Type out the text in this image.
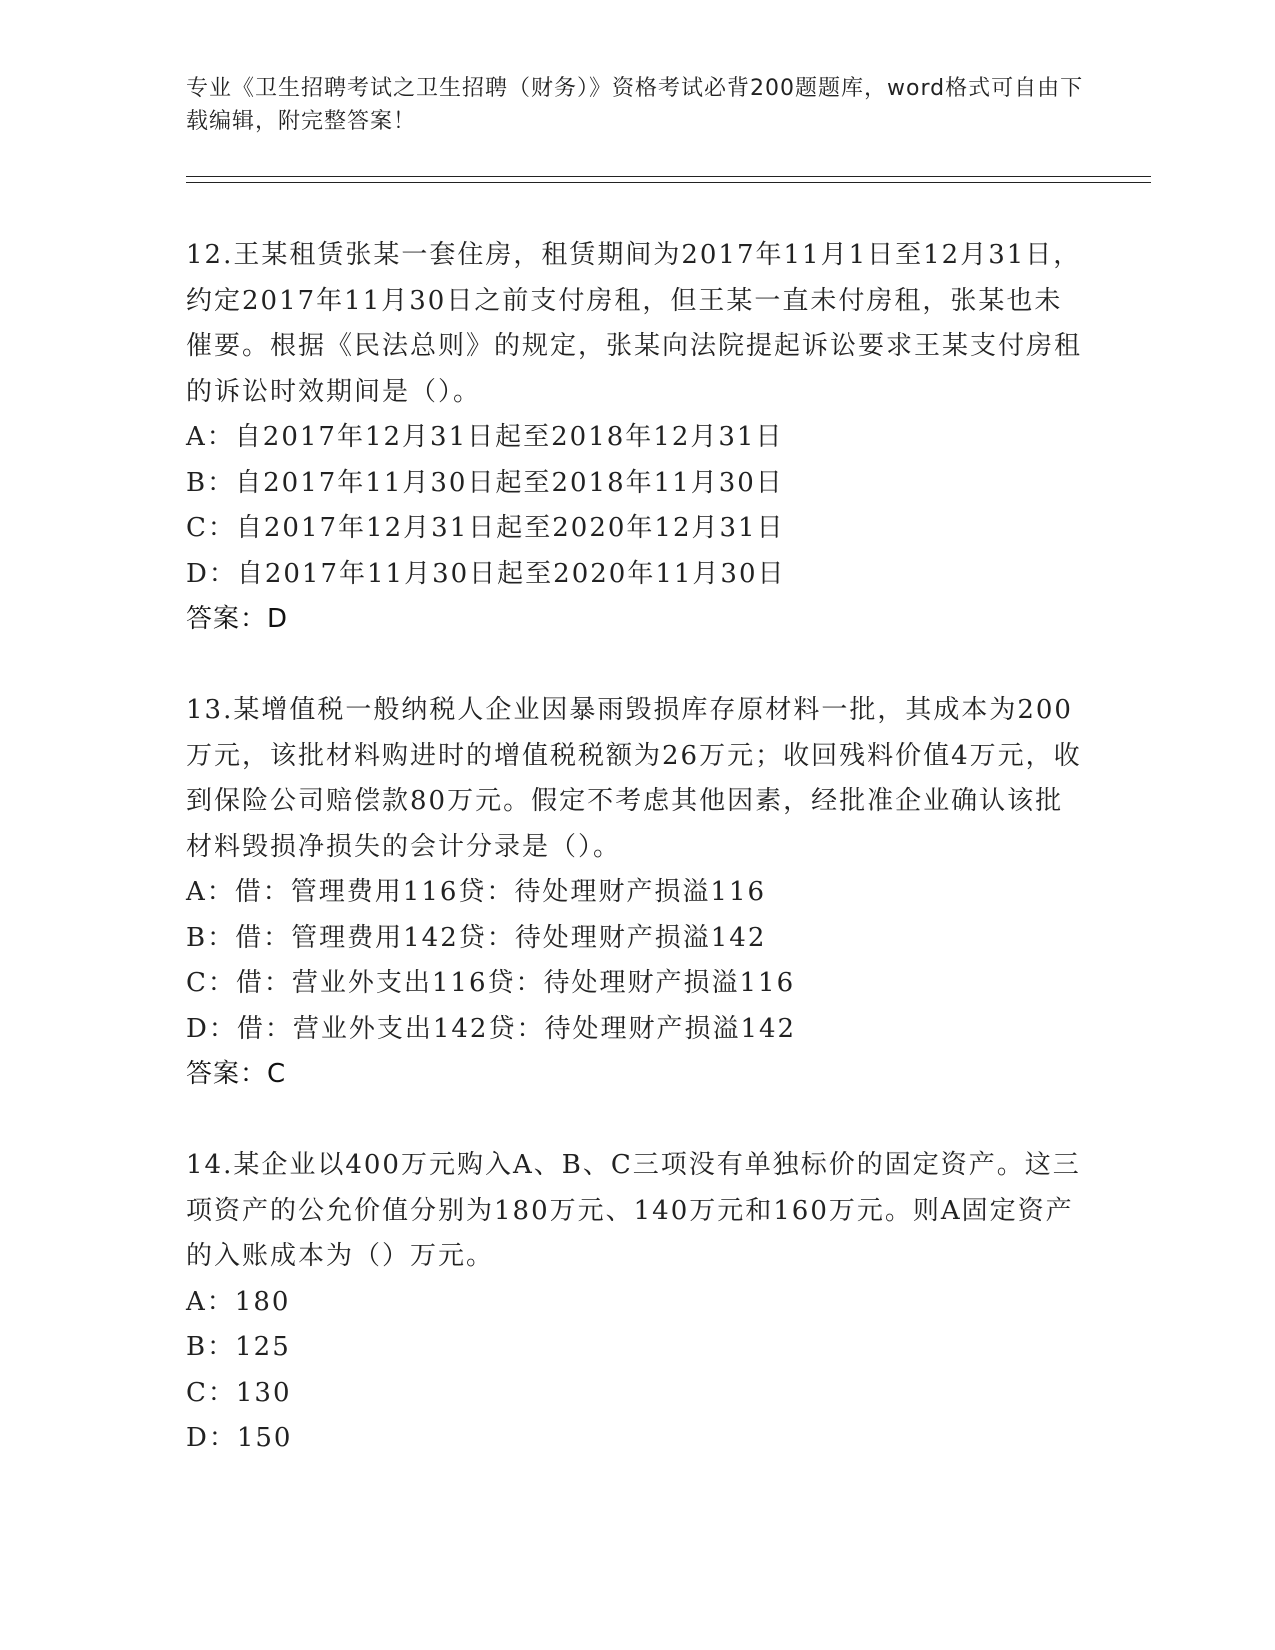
专业《卫生招聘考试之卫生招聘（财务）》资格考试必背200题题库，word格式可自由下载编辑，附完整答案！
12.王某租赁张某一套住房，租赁期间为2017年11月1日至12月31日，约定2017年11月30日之前支付房租，但王某一直未付房租，张某也未催要。根据《民法总则》的规定，张某向法院提起诉讼要求王某支付房租的诉讼时效期间是（）。
A：自2017年12月31日起至2018年12月31日
B：自2017年11月30日起至2018年11月30日
C：自2017年12月31日起至2020年12月31日
D：自2017年11月30日起至2020年11月30日
答案：D
13.某增值税一般纳税人企业因暴雨毁损库存原材料一批，其成本为200万元，该批材料购进时的增值税税额为26万元；收回残料价值4万元，收到保险公司赔偿款80万元。假定不考虑其他因素，经批准企业确认该批材料毁损净损失的会计分录是（）。
A：借：管理费用116贷：待处理财产损溢116
B：借：管理费用142贷：待处理财产损溢142
C：借：营业外支出116贷：待处理财产损溢116
D：借：营业外支出142贷：待处理财产损溢142
答案：C
14.某企业以400万元购入A、B、C三项没有单独标价的固定资产。这三项资产的公允价值分别为180万元、140万元和160万元。则A固定资产的入账成本为（）万元。
A：180
B：125
C：130
D：150
